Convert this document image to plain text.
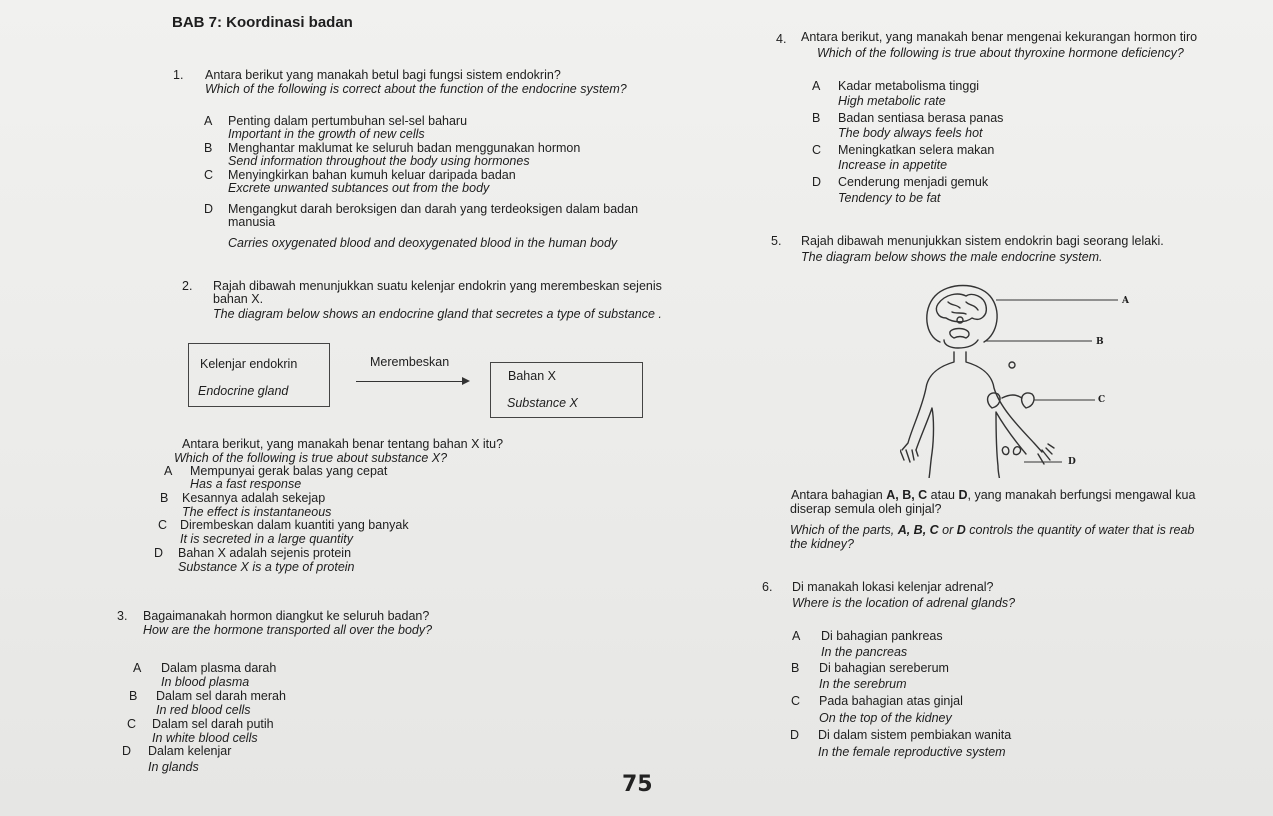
BAB 7: Koordinasi badan
1. Antara berikut yang manakah betul bagi fungsi sistem endokrin?
Which of the following is correct about the function of the endocrine system?
A Penting dalam pertumbuhan sel-sel baharu
Important in the growth of new cells
B Menghantar maklumat ke seluruh badan menggunakan hormon
Send information throughout the body using hormones
C Menyingkirkan bahan kumuh keluar daripada badan
Excrete unwanted subtances out from the body
D Mengangkut darah beroksigen dan darah yang terdeoksigen dalam badan
manusia
Carries oxygenated blood and deoxygenated blood in the human body
2. Rajah dibawah menunjukkan suatu kelenjar endokrin yang merembeskan sejenis
bahan X.
The diagram below shows an endocrine gland that secretes a type of substance .
Kelenjar endokrin
Endocrine gland
Merembeskan
Bahan X
Substance X
Antara berikut, yang manakah benar tentang bahan X itu?
Which of the following is true about substance X?
A Mempunyai gerak balas yang cepat
Has a fast response
B Kesannya adalah sekejap
The effect is instantaneous
C Dirembeskan dalam kuantiti yang banyak
It is secreted in a large quantity
D Bahan X adalah sejenis protein
Substance X is a type of protein
3. Bagaimanakah hormon diangkut ke seluruh badan?
How are the hormone transported all over the body?
A Dalam plasma darah
In blood plasma
B Dalam sel darah merah
In red blood cells
C Dalam sel darah putih
In white blood cells
D Dalam kelenjar
In glands
75
4. Antara berikut, yang manakah benar mengenai kekurangan hormon tiro
Which of the following is true about thyroxine hormone deficiency?
A Kadar metabolisma tinggi
High metabolic rate
B Badan sentiasa berasa panas
The body always feels hot
C Meningkatkan selera makan
Increase in appetite
D Cenderung menjadi gemuk
Tendency to be fat
5. Rajah dibawah menunjukkan sistem endokrin bagi seorang lelaki.
The diagram below shows the male endocrine system.
A
B
C
D
Antara bahagian A, B, C atau D, yang manakah berfungsi mengawal kua
diserap semula oleh ginjal?
Which of the parts, A, B, C or D controls the quantity of water that is reab
the kidney?
6. Di manakah lokasi kelenjar adrenal?
Where is the location of adrenal glands?
A Di bahagian pankreas
In the pancreas
B Di bahagian sereberum
In the serebrum
C Pada bahagian atas ginjal
On the top of the kidney
D Di dalam sistem pembiakan wanita
In the female reproductive system
